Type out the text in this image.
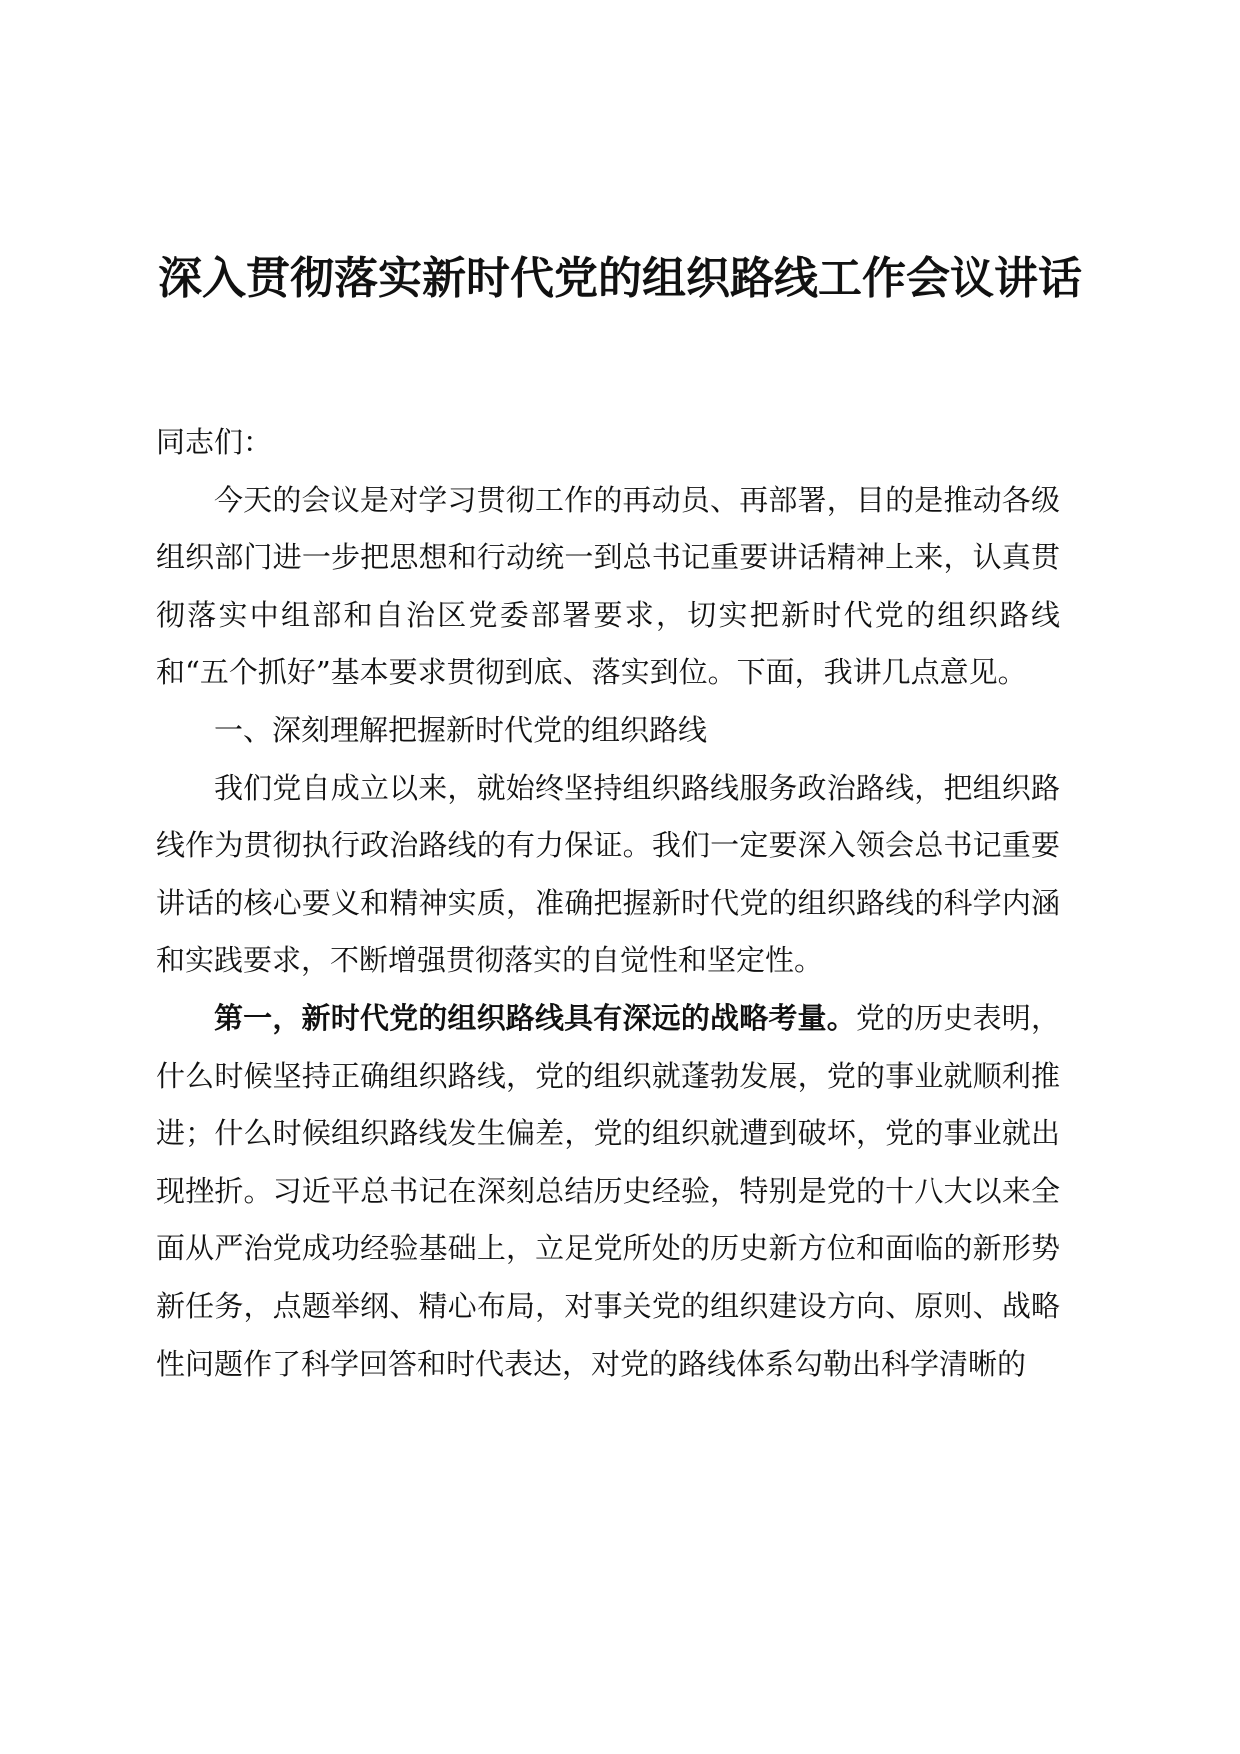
深入贯彻落实新时代党的组织路线工作会议讲话

同志们：

今天的会议是对学习贯彻工作的再动员、再部署，目的是推动各级组织部门进一步把思想和行动统一到总书记重要讲话精神上来，认真贯彻落实中组部和自治区党委部署要求，切实把新时代党的组织路线和“五个抓好”基本要求贯彻到底、落实到位。下面，我讲几点意见。

一、深刻理解把握新时代党的组织路线

我们党自成立以来，就始终坚持组织路线服务政治路线，把组织路线作为贯彻执行政治路线的有力保证。我们一定要深入领会总书记重要讲话的核心要义和精神实质，准确把握新时代党的组织路线的科学内涵和实践要求，不断增强贯彻落实的自觉性和坚定性。

第一，新时代党的组织路线具有深远的战略考量。党的历史表明，什么时候坚持正确组织路线，党的组织就蓬勃发展，党的事业就顺利推进；什么时候组织路线发生偏差，党的组织就遭到破坏，党的事业就出现挫折。习近平总书记在深刻总结历史经验，特别是党的十八大以来全面从严治党成功经验基础上，立足党所处的历史新方位和面临的新形势新任务，点题举纲、精心布局，对事关党的组织建设方向、原则、战略性问题作了科学回答和时代表达，对党的路线体系勾勒出科学清晰的
